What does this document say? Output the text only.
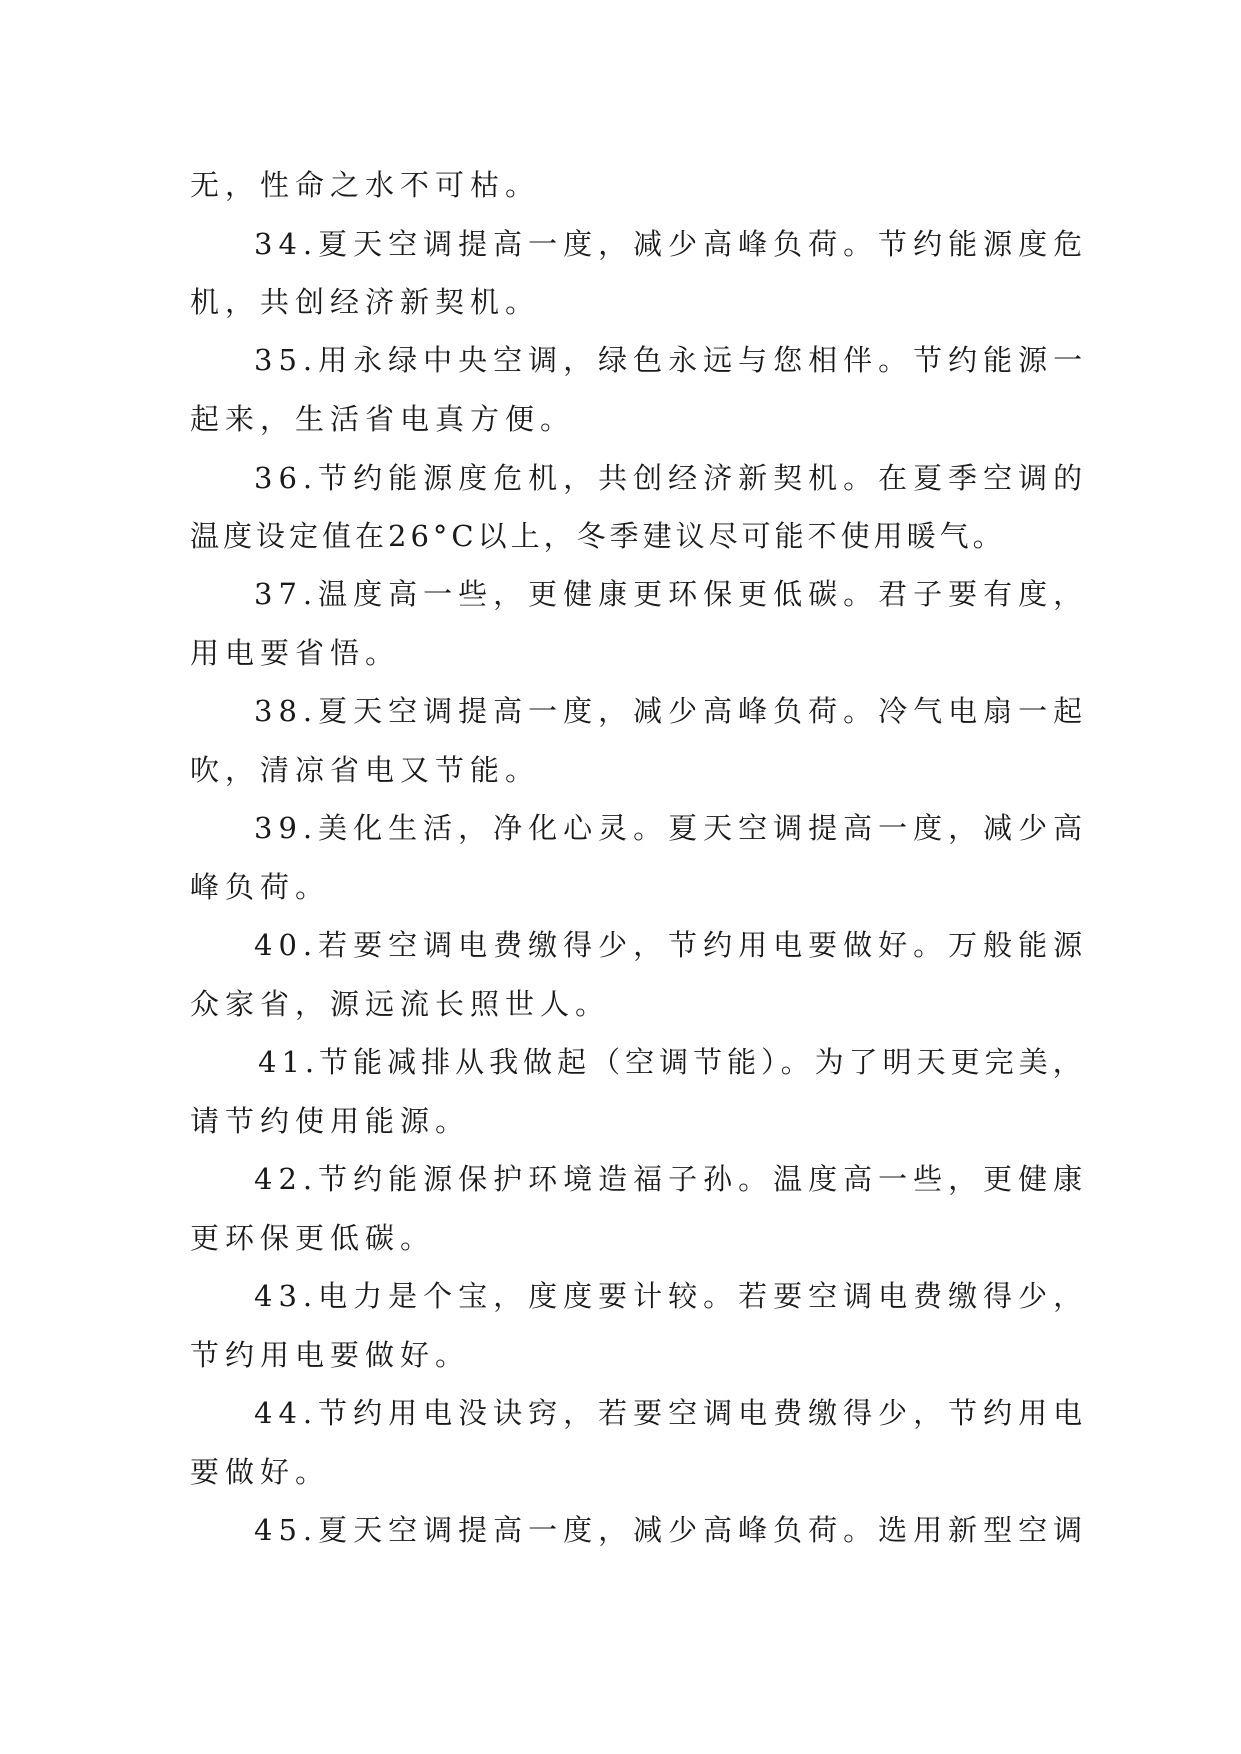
无，性命之水不可枯。
34.夏天空调提高一度，减少高峰负荷。节约能源度危
机，共创经济新契机。
35.用永绿中央空调，绿色永远与您相伴。节约能源一
起来，生活省电真方便。
36.节约能源度危机，共创经济新契机。在夏季空调的
温度设定值在26°C以上，冬季建议尽可能不使用暖气。
37.温度高一些，更健康更环保更低碳。君子要有度，
用电要省悟。
38.夏天空调提高一度，减少高峰负荷。冷气电扇一起
吹，清凉省电又节能。
39.美化生活，净化心灵。夏天空调提高一度，减少高
峰负荷。
40.若要空调电费缴得少，节约用电要做好。万般能源
众家省，源远流长照世人。
41.节能减排从我做起（空调节能）。为了明天更完美，
请节约使用能源。
42.节约能源保护环境造福子孙。温度高一些，更健康
更环保更低碳。
43.电力是个宝，度度要计较。若要空调电费缴得少，
节约用电要做好。
44.节约用电没诀窍，若要空调电费缴得少，节约用电
要做好。
45.夏天空调提高一度，减少高峰负荷。选用新型空调
